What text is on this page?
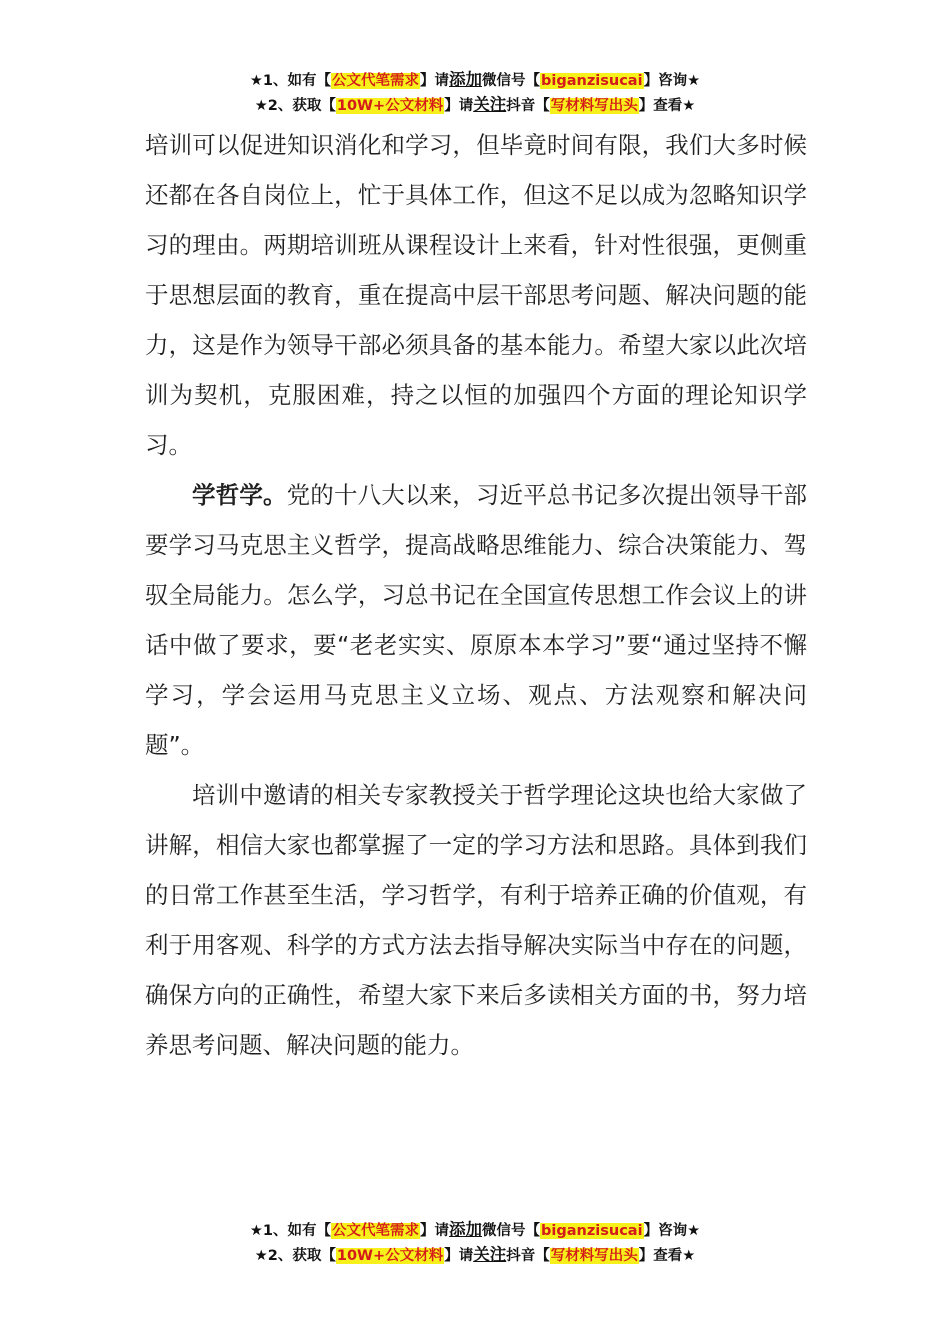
★1、如有【公文代笔需求】请添加微信号【biganzisucai】咨询★
★2、获取【10W+公文材料】请关注抖音【写材料写出头】查看★

培训可以促进知识消化和学习，但毕竟时间有限，我们大多时候还都在各自岗位上，忙于具体工作，但这不足以成为忽略知识学习的理由。两期培训班从课程设计上来看，针对性很强，更侧重于思想层面的教育，重在提高中层干部思考问题、解决问题的能力，这是作为领导干部必须具备的基本能力。希望大家以此次培训为契机，克服困难，持之以恒的加强四个方面的理论知识学习。

学哲学。党的十八大以来，习近平总书记多次提出领导干部要学习马克思主义哲学，提高战略思维能力、综合决策能力、驾驭全局能力。怎么学，习总书记在全国宣传思想工作会议上的讲话中做了要求，要“老老实实、原原本本学习”要“通过坚持不懈学习，学会运用马克思主义立场、观点、方法观察和解决问题”。

培训中邀请的相关专家教授关于哲学理论这块也给大家做了讲解，相信大家也都掌握了一定的学习方法和思路。具体到我们的日常工作甚至生活，学习哲学，有利于培养正确的价值观，有利于用客观、科学的方式方法去指导解决实际当中存在的问题，确保方向的正确性，希望大家下来后多读相关方面的书，努力培养思考问题、解决问题的能力。

★1、如有【公文代笔需求】请添加微信号【biganzisucai】咨询★
★2、获取【10W+公文材料】请关注抖音【写材料写出头】查看★
